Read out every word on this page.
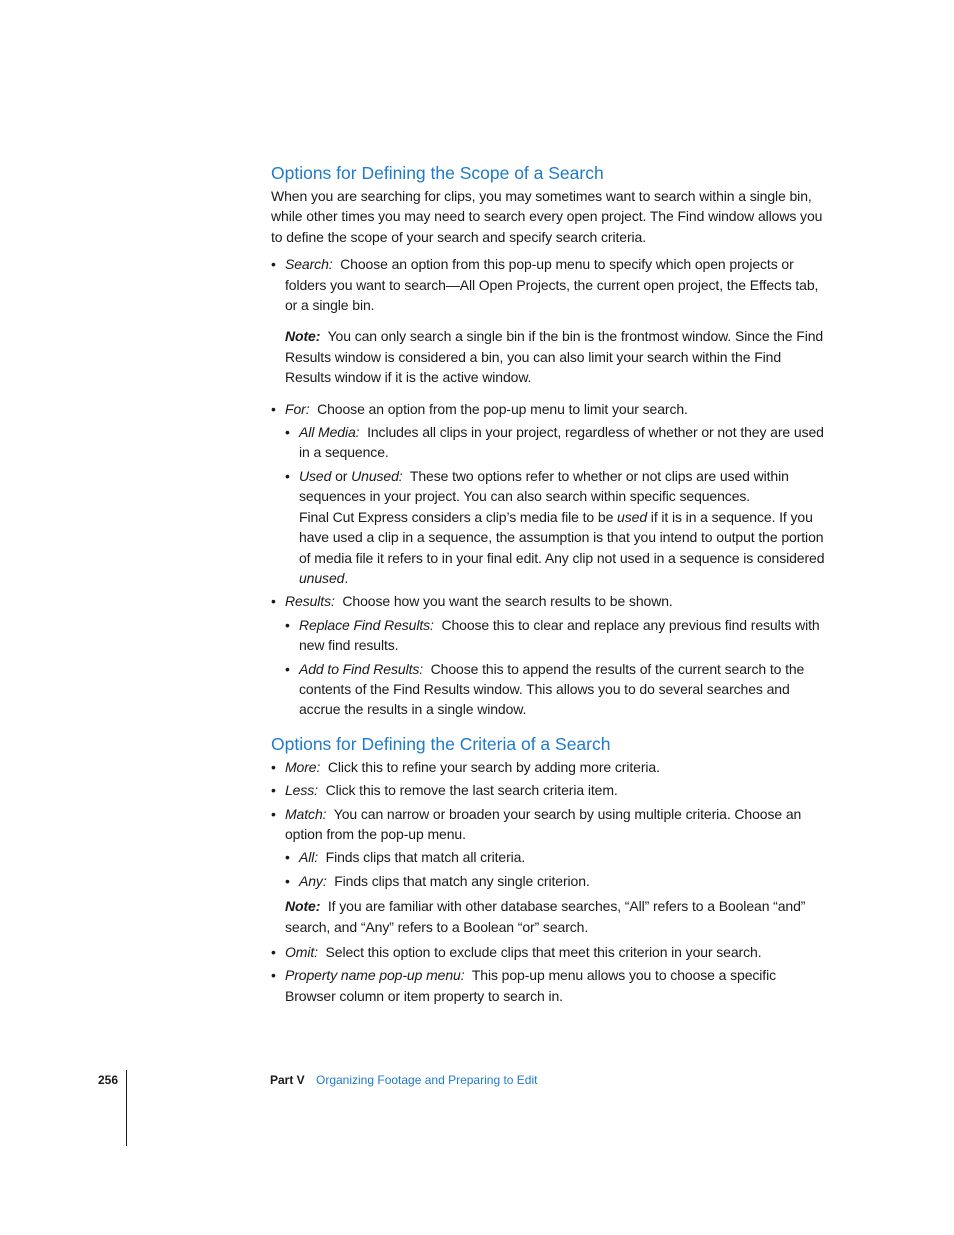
Options for Defining the Scope of a Search

When you are searching for clips, you may sometimes want to search within a single bin, while other times you may need to search every open project. The Find window allows you to define the scope of your search and specify search criteria.

• Search: Choose an option from this pop-up menu to specify which open projects or folders you want to search—All Open Projects, the current open project, the Effects tab, or a single bin.
Note: You can only search a single bin if the bin is the frontmost window. Since the Find Results window is considered a bin, you can also limit your search within the Find Results window if it is the active window.
• For: Choose an option from the pop-up menu to limit your search.
• All Media: Includes all clips in your project, regardless of whether or not they are used in a sequence.
• Used or Unused: These two options refer to whether or not clips are used within sequences in your project. You can also search within specific sequences.
Final Cut Express considers a clip’s media file to be used if it is in a sequence. If you have used a clip in a sequence, the assumption is that you intend to output the portion of media file it refers to in your final edit. Any clip not used in a sequence is considered unused.
• Results: Choose how you want the search results to be shown.
• Replace Find Results: Choose this to clear and replace any previous find results with new find results.
• Add to Find Results: Choose this to append the results of the current search to the contents of the Find Results window. This allows you to do several searches and accrue the results in a single window.
Options for Defining the Criteria of a Search
• More: Click this to refine your search by adding more criteria.
• Less: Click this to remove the last search criteria item.
• Match: You can narrow or broaden your search by using multiple criteria. Choose an option from the pop-up menu.
• All: Finds clips that match all criteria.
• Any: Finds clips that match any single criterion.
Note: If you are familiar with other database searches, “All” refers to a Boolean “and” search, and “Any” refers to a Boolean “or” search.
• Omit: Select this option to exclude clips that meet this criterion in your search.
• Property name pop-up menu: This pop-up menu allows you to choose a specific Browser column or item property to search in.
256	Part V Organizing Footage and Preparing to Edit
